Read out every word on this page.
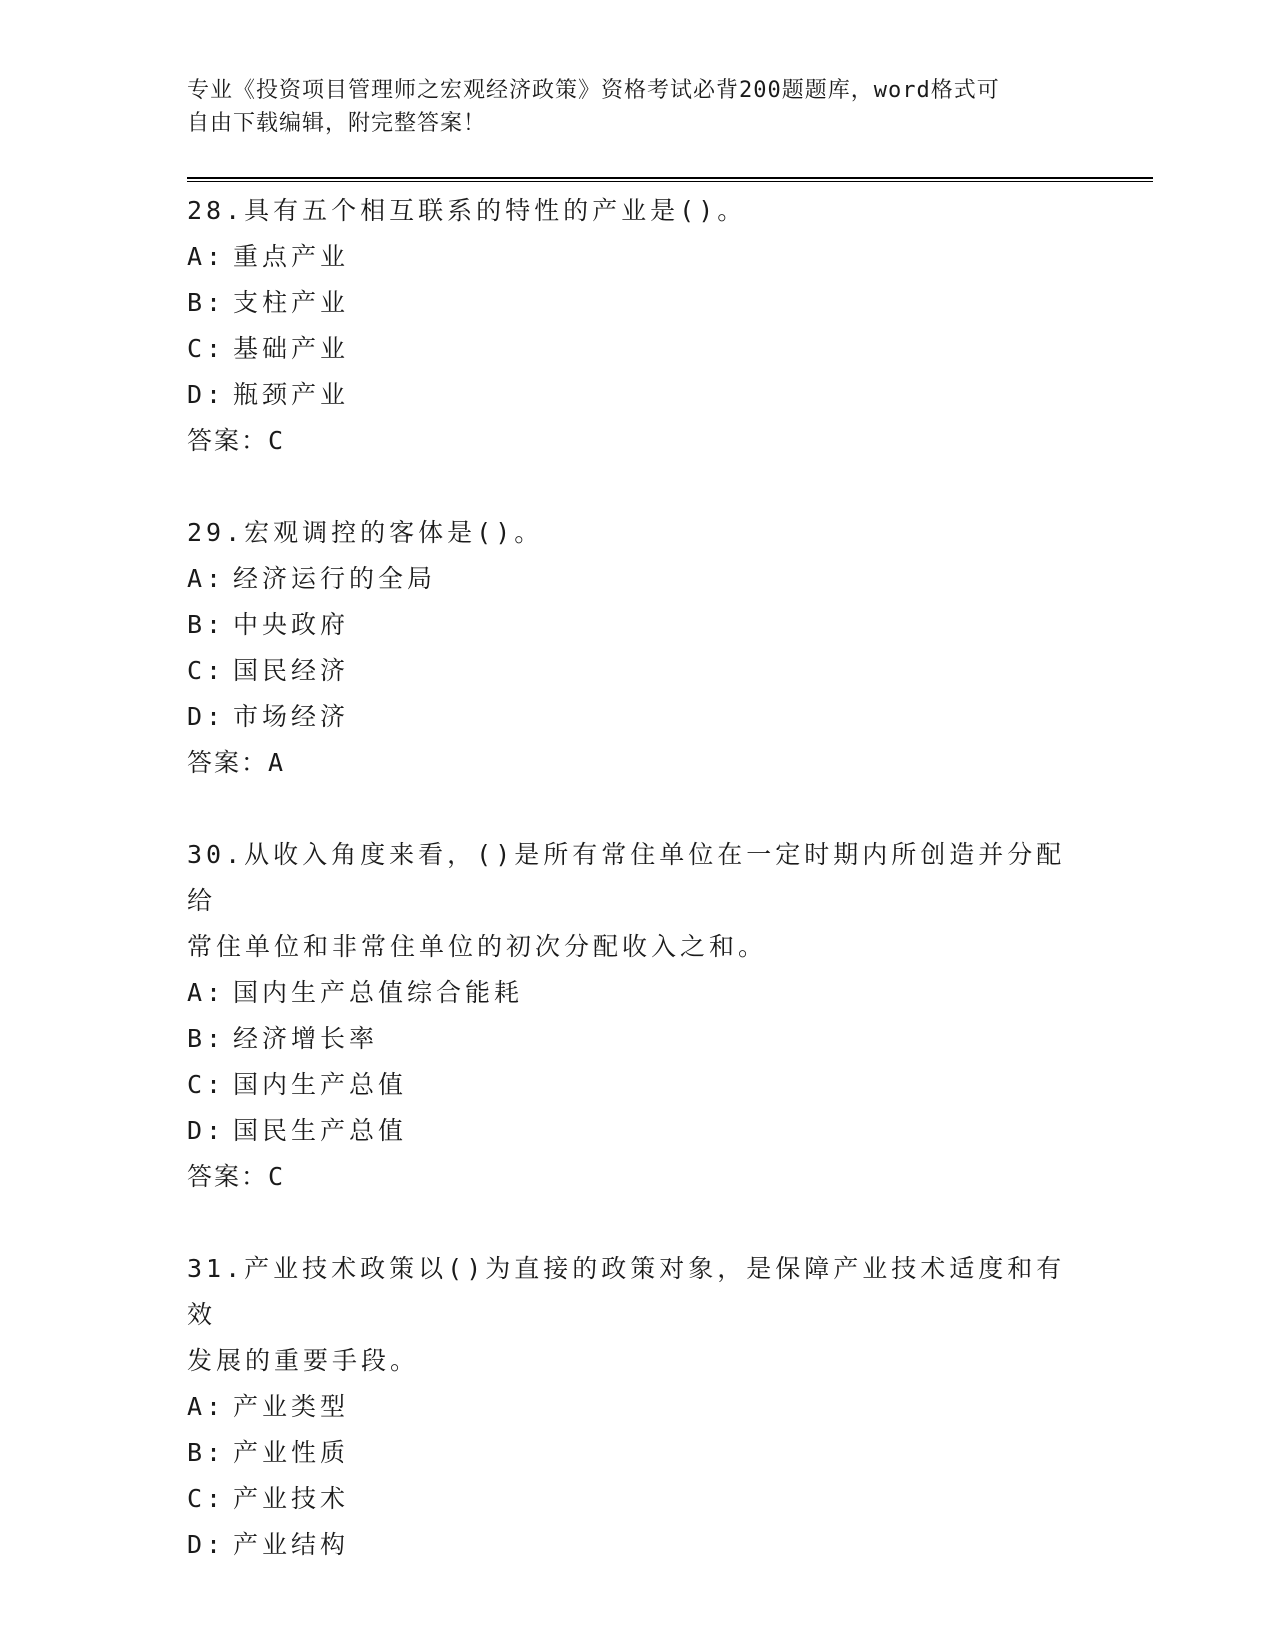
专业《投资项目管理师之宏观经济政策》资格考试必背200题题库，word格式可
自由下载编辑，附完整答案！
28.具有五个相互联系的特性的产业是()。
A: 重点产业
B: 支柱产业
C: 基础产业
D: 瓶颈产业
答案：C
29.宏观调控的客体是()。
A: 经济运行的全局
B: 中央政府
C: 国民经济
D: 市场经济
答案：A
30.从收入角度来看，()是所有常住单位在一定时期内所创造并分配给
常住单位和非常住单位的初次分配收入之和。
A: 国内生产总值综合能耗
B: 经济增长率
C: 国内生产总值
D: 国民生产总值
答案：C
31.产业技术政策以()为直接的政策对象，是保障产业技术适度和有效
发展的重要手段。
A: 产业类型
B: 产业性质
C: 产业技术
D: 产业结构
